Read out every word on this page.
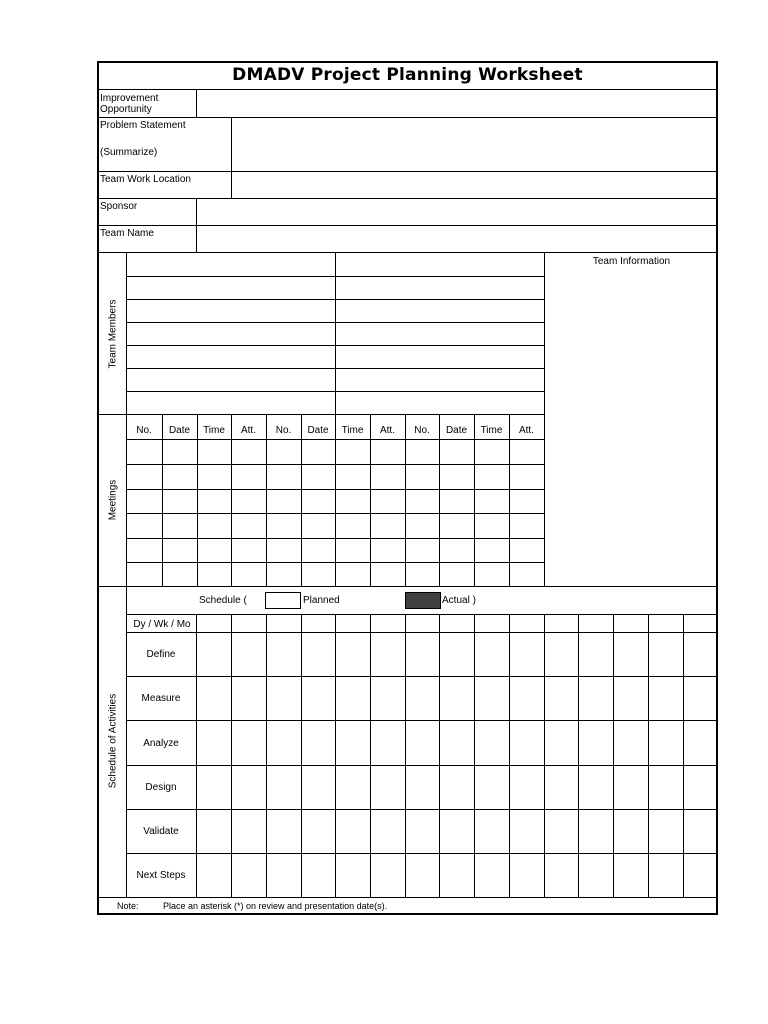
DMADV Project Planning Worksheet
Improvement
Opportunity
Problem Statement
(Summarize)
Team Work Location
Sponsor
Team Name
Team Members
Team Information
Meetings
No.	Date	Time	Att.	No.	Date	Time	Att.	No.	Date	Time	Att.
Schedule of Activities
Schedule (	Planned	Actual )
Dy / Wk / Mo
Define
Measure
Analyze
Design
Validate
Next Steps
Note:	Place an asterisk (*) on review and presentation date(s).
